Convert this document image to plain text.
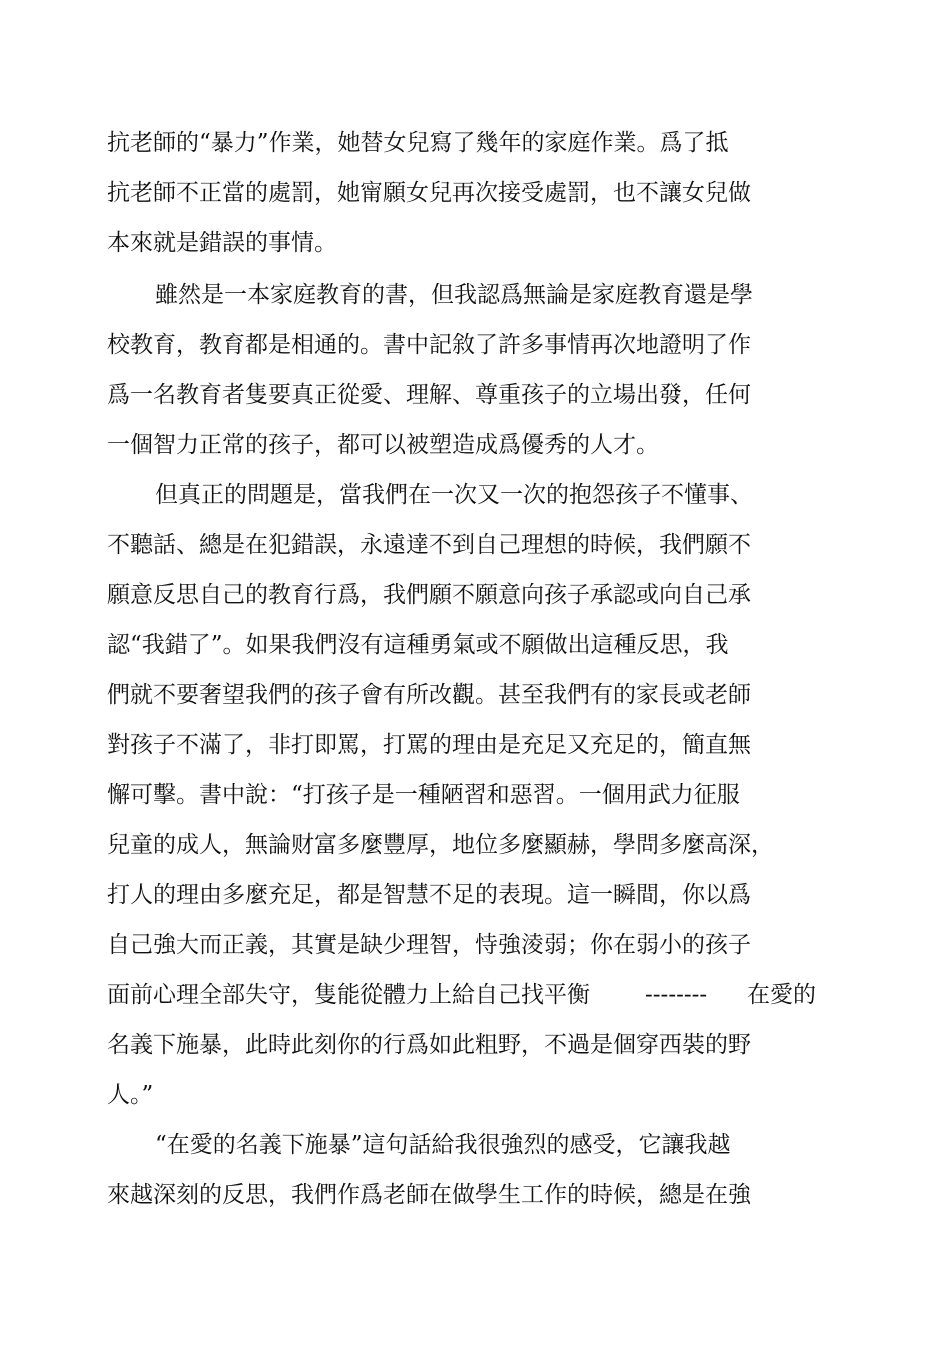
抗老師的“暴力”作業，她替女兒寫了幾年的家庭作業。爲了抵
抗老師不正當的處罰，她甯願女兒再次接受處罰，也不讓女兒做
本來就是錯誤的事情。
雖然是一本家庭教育的書，但我認爲無論是家庭教育還是學
校教育，教育都是相通的。書中記敘了許多事情再次地證明了作
爲一名教育者隻要真正從愛、理解、尊重孩子的立場出發，任何
一個智力正常的孩子，都可以被塑造成爲優秀的人才。
但真正的問題是，當我們在一次又一次的抱怨孩子不懂事、
不聽話、總是在犯錯誤，永遠達不到自己理想的時候，我們願不
願意反思自己的教育行爲，我們願不願意向孩子承認或向自己承
認“我錯了”。如果我們沒有這種勇氣或不願做出這種反思，我
們就不要奢望我們的孩子會有所改觀。甚至我們有的家長或老師
對孩子不滿了，非打即罵，打罵的理由是充足又充足的，簡直無
懈可擊。書中說：“打孩子是一種陋習和惡習。一個用武力征服
兒童的成人，無論财富多麼豐厚，地位多麼顯赫，學問多麼高深，
打人的理由多麼充足，都是智慧不足的表現。這一瞬間，你以爲
自己強大而正義，其實是缺少理智，恃強淩弱；你在弱小的孩子
面前心理全部失守，隻能從體力上給自己找平衡 -------- 在愛的
名義下施暴，此時此刻你的行爲如此粗野，不過是個穿西裝的野
人。”
“在愛的名義下施暴”這句話給我很強烈的感受，它讓我越
來越深刻的反思，我們作爲老師在做學生工作的時候，總是在強
